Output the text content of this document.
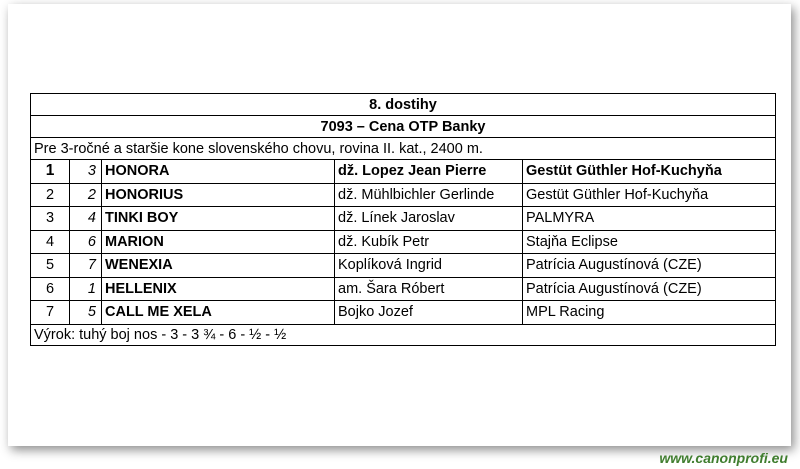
8. dostihy				
7093 – Cena OTP Banky				
Pre 3-ročné a staršie kone slovenského chovu, rovina II. kat., 2400 m.				
1	3	HONORA	dž. Lopez Jean Pierre	Gestüt Güthler Hof-Kuchyňa
2	2	HONORIUS	dž. Mühlbichler Gerlinde	Gestüt Güthler Hof-Kuchyňa
3	4	TINKI BOY	dž. Línek Jaroslav	PALMYRA
4	6	MARION	dž. Kubík Petr	Stajňa Eclipse
5	7	WENEXIA	Koplíková Ingrid	Patrícia Augustínová (CZE)
6	1	HELLENIX	am. Šara Róbert	Patrícia Augustínová (CZE)
7	5	CALL ME XELA	Bojko Jozef	MPL Racing
Výrok: tuhý boj nos - 3 - 3 ¾ - 6 - ½ - ½				
www.canonprofi.eu
